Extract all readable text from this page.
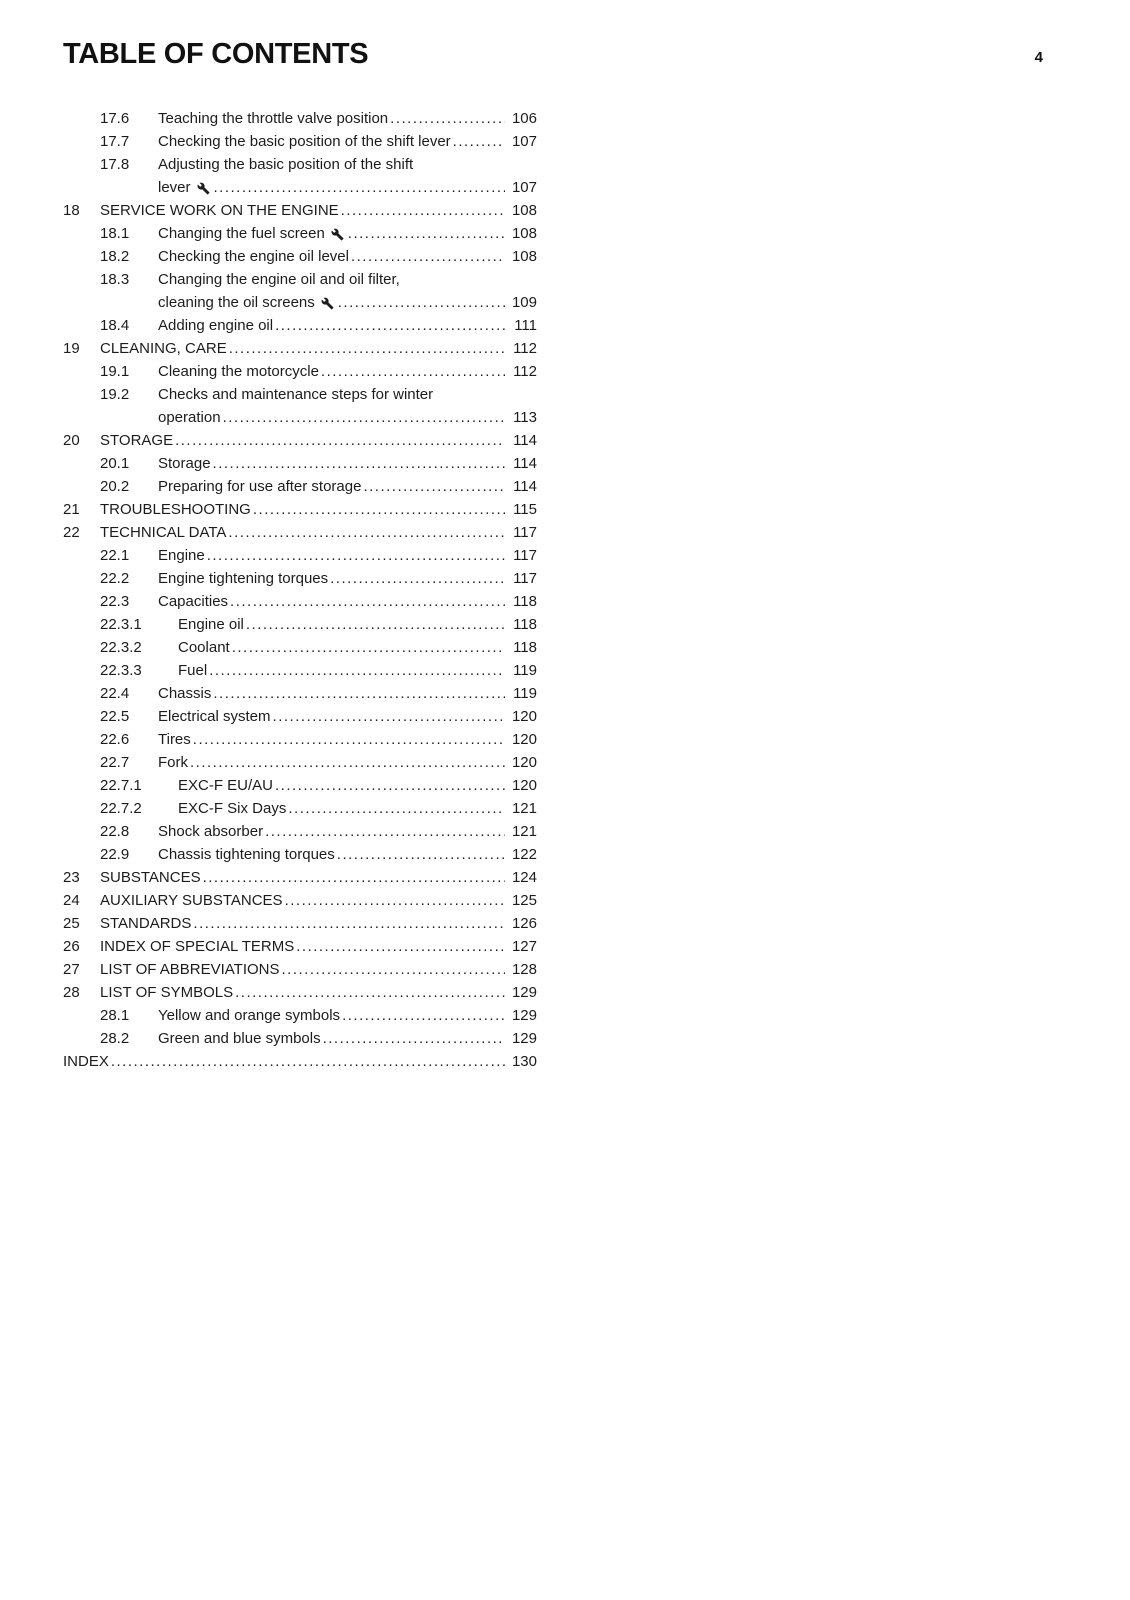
TABLE OF CONTENTS	4
17.6	Teaching the throttle valve position .....	106
17.7	Checking the basic position of the shift lever .....	107
17.8	Adjusting the basic position of the shift
lever .....	107
18	SERVICE WORK ON THE ENGINE .....	108
18.1	Changing the fuel screen .....	108
18.2	Checking the engine oil level .....	108
18.3	Changing the engine oil and oil filter,
cleaning the oil screens .....	109
18.4	Adding engine oil .....	111
19	CLEANING, CARE .....	112
19.1	Cleaning the motorcycle .....	112
19.2	Checks and maintenance steps for winter
operation .....	113
20	STORAGE .....	114
20.1	Storage .....	114
20.2	Preparing for use after storage .....	114
21	TROUBLESHOOTING .....	115
22	TECHNICAL DATA .....	117
22.1	Engine .....	117
22.2	Engine tightening torques .....	117
22.3	Capacities .....	118
22.3.1	Engine oil .....	118
22.3.2	Coolant .....	118
22.3.3	Fuel .....	119
22.4	Chassis .....	119
22.5	Electrical system .....	120
22.6	Tires .....	120
22.7	Fork .....	120
22.7.1	EXC-F EU/AU .....	120
22.7.2	EXC-F Six Days .....	121
22.8	Shock absorber .....	121
22.9	Chassis tightening torques .....	122
23	SUBSTANCES .....	124
24	AUXILIARY SUBSTANCES .....	125
25	STANDARDS .....	126
26	INDEX OF SPECIAL TERMS .....	127
27	LIST OF ABBREVIATIONS .....	128
28	LIST OF SYMBOLS .....	129
28.1	Yellow and orange symbols .....	129
28.2	Green and blue symbols .....	129
INDEX .....	130
